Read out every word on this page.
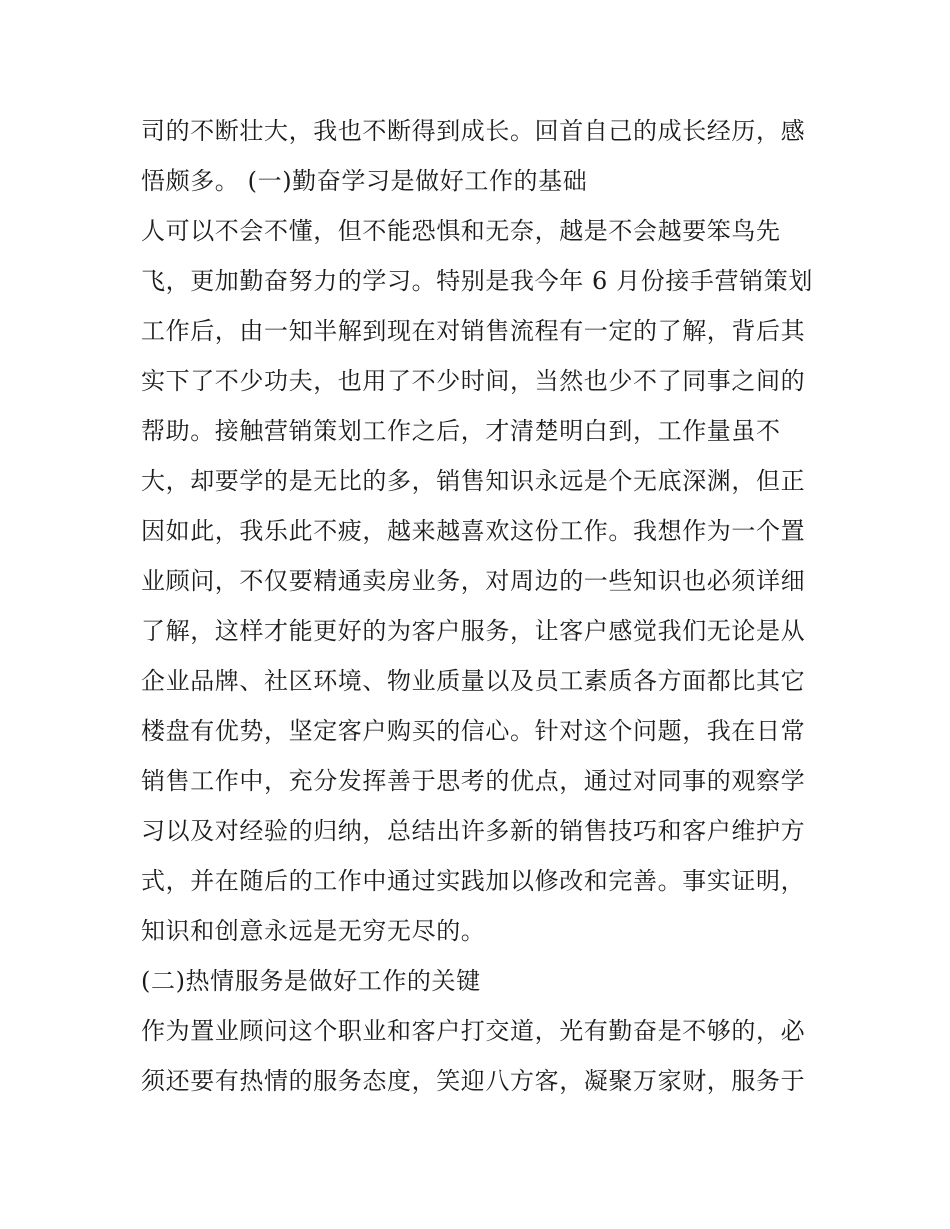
司的不断壮大，我也不断得到成长。回首自己的成长经历，感
悟颇多。 (一)勤奋学习是做好工作的基础
人可以不会不懂，但不能恐惧和无奈，越是不会越要笨鸟先
飞，更加勤奋努力的学习。特别是我今年 6 月份接手营销策划
工作后，由一知半解到现在对销售流程有一定的了解，背后其
实下了不少功夫，也用了不少时间，当然也少不了同事之间的
帮助。接触营销策划工作之后，才清楚明白到，工作量虽不
大，却要学的是无比的多，销售知识永远是个无底深渊，但正
因如此，我乐此不疲，越来越喜欢这份工作。我想作为一个置
业顾问，不仅要精通卖房业务，对周边的一些知识也必须详细
了解，这样才能更好的为客户服务，让客户感觉我们无论是从
企业品牌、社区环境、物业质量以及员工素质各方面都比其它
楼盘有优势，坚定客户购买的信心。针对这个问题，我在日常
销售工作中，充分发挥善于思考的优点，通过对同事的观察学
习以及对经验的归纳，总结出许多新的销售技巧和客户维护方
式，并在随后的工作中通过实践加以修改和完善。事实证明，
知识和创意永远是无穷无尽的。
(二)热情服务是做好工作的关键
作为置业顾问这个职业和客户打交道，光有勤奋是不够的，必
须还要有热情的服务态度，笑迎八方客，凝聚万家财，服务于
